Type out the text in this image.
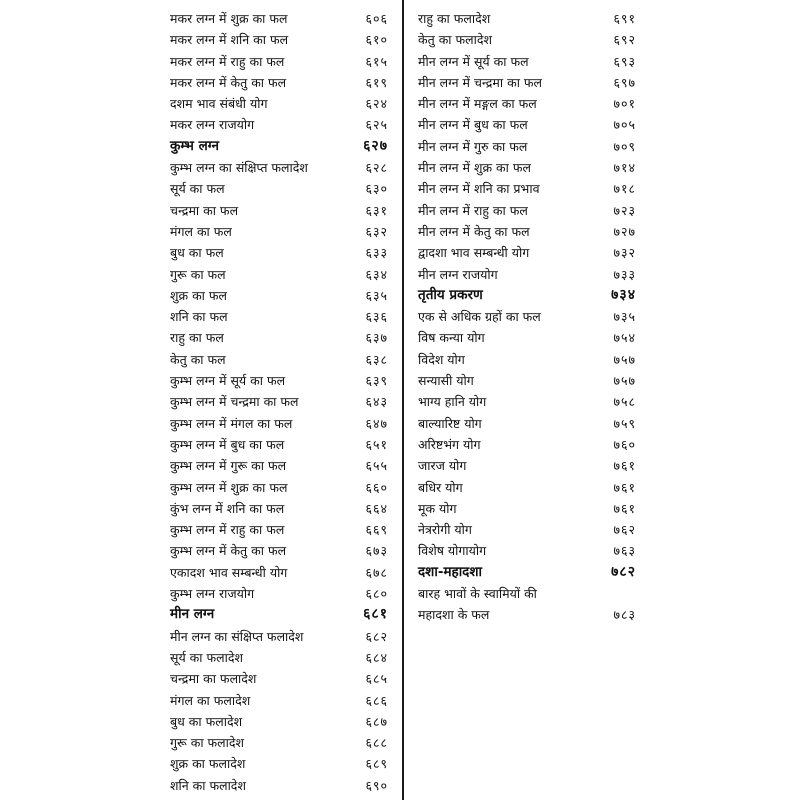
मकर लग्न में शुक्र का फल	६०६
मकर लग्न में शनि का फल	६१०
मकर लग्न में राहु का फल	६१५
मकर लग्न में केतु का फल	६१९
दशम भाव संबंधी योग	६२४
मकर लग्न राजयोग	६२५
कुम्भ लग्न	६२७
कुम्भ लग्न का संक्षिप्त फलादेश	६२८
सूर्य का फल	६३०
चन्द्रमा का फल	६३१
मंगल का फल	६३२
बुध का फल	६३३
गुरू का फल	६३४
शुक्र का फल	६३५
शनि का फल	६३६
राहु का फल	६३७
केतु का फल	६३८
कुम्भ लग्न में सूर्य का फल	६३९
कुम्भ लग्न में चन्द्रमा का फल	६४३
कुम्भ लग्न में मंगल का फल	६४७
कुम्भ लग्न में बुध का फल	६५१
कुम्भ लग्न में गुरू का फल	६५५
कुम्भ लग्न में शुक्र का फल	६६०
कुंभ लग्न में शनि का फल	६६४
कुम्भ लग्न में राहु का फल	६६९
कुम्भ लग्न में केतु का फल	६७३
एकादश भाव सम्बन्धी योग	६७८
कुम्भ लग्न राजयोग	६८०
मीन लग्न	६८१
मीन लग्न का संक्षिप्त फलादेश	६८२
सूर्य का फलादेश	६८४
चन्द्रमा का फलादेश	६८५
मंगल का फलादेश	६८६
बुध का फलादेश	६८७
गुरू का फलादेश	६८८
शुक्र का फलादेश	६८९
शनि का फलादेश	६९०
राहु का फलादेश	६९१
केतु का फलादेश	६९२
मीन लग्न में सूर्य का फल	६९३
मीन लग्न में चन्द्रमा का फल	६९७
मीन लग्न में मङ्गल का फल	७०१
मीन लग्न में बुध का फल	७०५
मीन लग्न में गुरु का फल	७०९
मीन लग्न में शुक्र का फल	७१४
मीन लग्न में शनि का प्रभाव	७१८
मीन लग्न में राहु का फल	७२३
मीन लग्न में केतु का फल	७२७
द्वादशा भाव सम्बन्धी योग	७३२
मीन लग्न राजयोग	७३३
तृतीय प्रकरण	७३४
एक से अधिक ग्रहों का फल	७३५
विष कन्या योग	७५४
विदेश योग	७५७
सन्यासी योग	७५७
भाग्य हानि योग	७५८
बाल्यारिष्ट योग	७५९
अरिष्टभंग योग	७६०
जारज योग	७६१
बधिर योग	७६१
मूक योग	७६१
नेत्ररोगी योग	७६२
विशेष योगायोग	७६३
दशा-महादशा	७८२
बारह भावों के स्वामियों की
महादशा के फल	७८३
